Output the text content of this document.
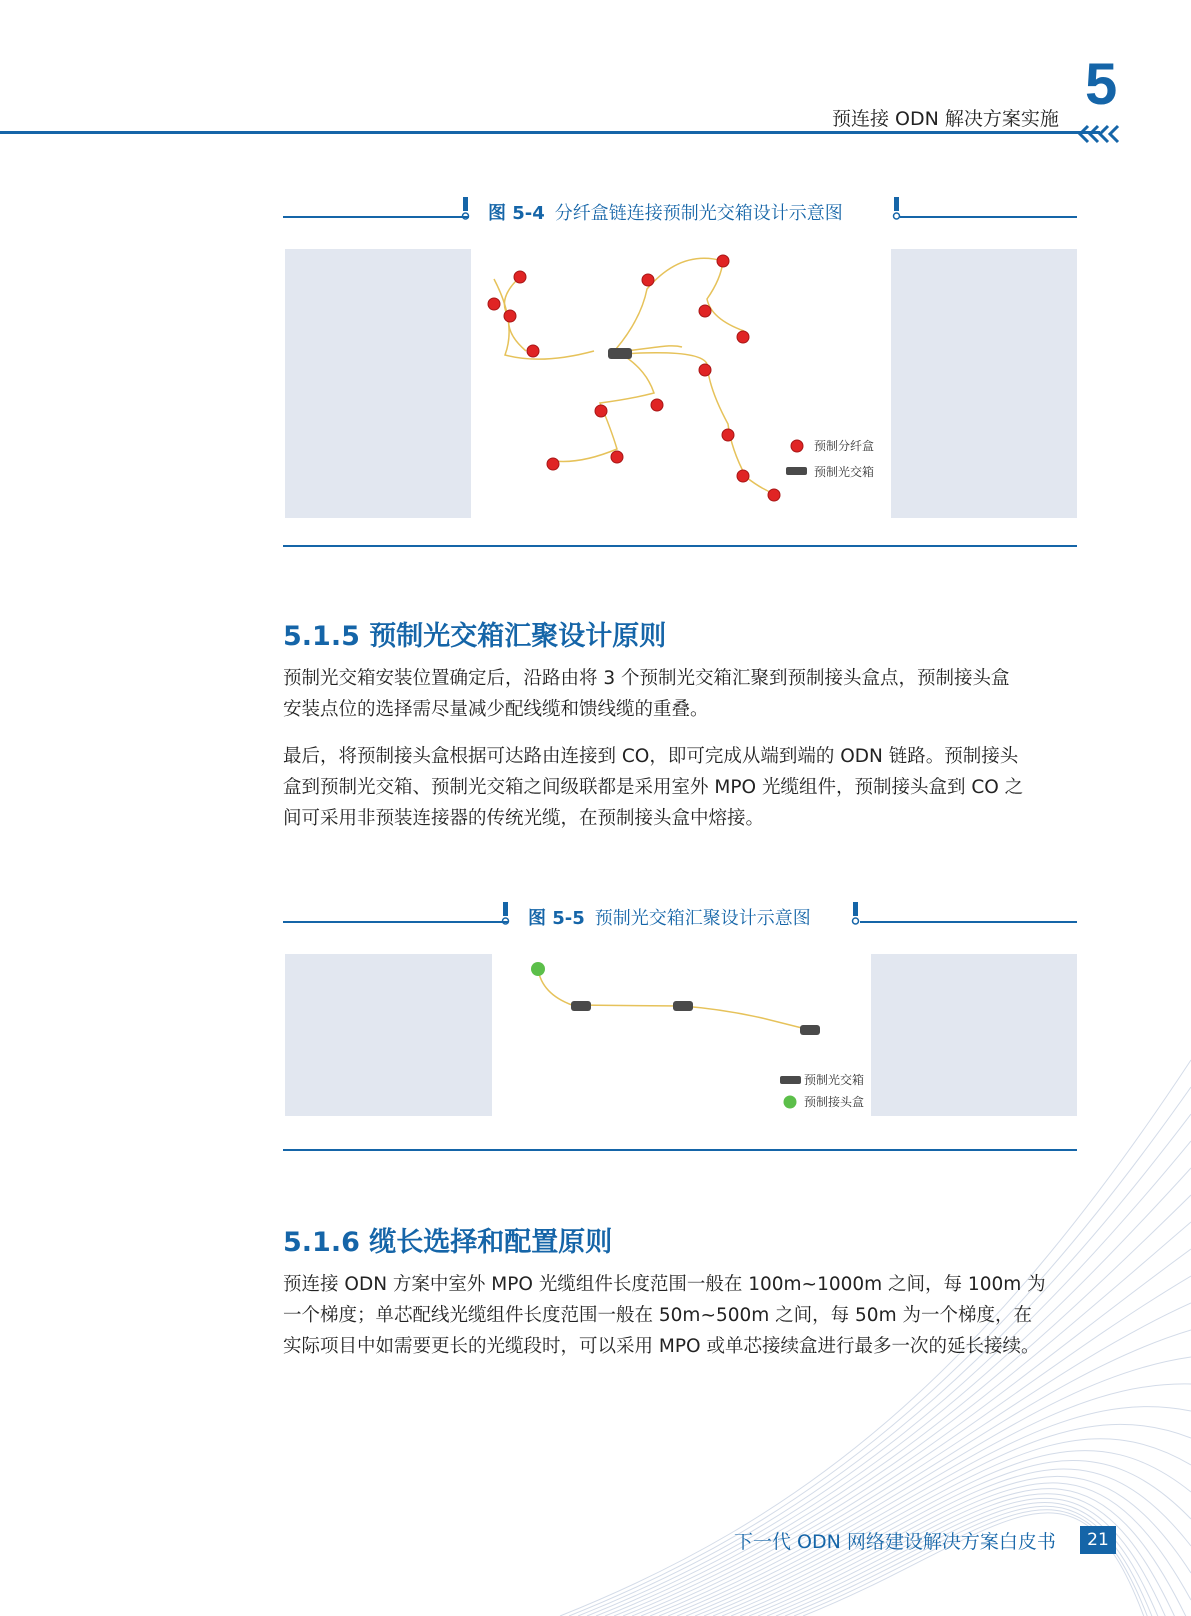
预连接 ODN 解决方案实施
5
图 5-4 分纤盒链连接预制光交箱设计示意图
预制分纤盒
预制光交箱
5.1.5 预制光交箱汇聚设计原则

预制光交箱安装位置确定后，沿路由将 3 个预制光交箱汇聚到预制接头盒点，预制接头盒
安装点位的选择需尽量减少配线缆和馈线缆的重叠。

最后，将预制接头盒根据可达路由连接到 CO，即可完成从端到端的 ODN 链路。预制接头
盒到预制光交箱、预制光交箱之间级联都是采用室外 MPO 光缆组件，预制接头盒到 CO 之
间可采用非预装连接器的传统光缆，在预制接头盒中熔接。

图 5-5 预制光交箱汇聚设计示意图
预制光交箱
预制接头盒
5.1.6 缆长选择和配置原则

预连接 ODN 方案中室外 MPO 光缆组件长度范围一般在 100m~1000m 之间，每 100m 为
一个梯度；单芯配线光缆组件长度范围一般在 50m~500m 之间，每 50m 为一个梯度，在
实际项目中如需要更长的光缆段时，可以采用 MPO 或单芯接续盒进行最多一次的延长接续。

下一代 ODN 网络建设解决方案白皮书	21
